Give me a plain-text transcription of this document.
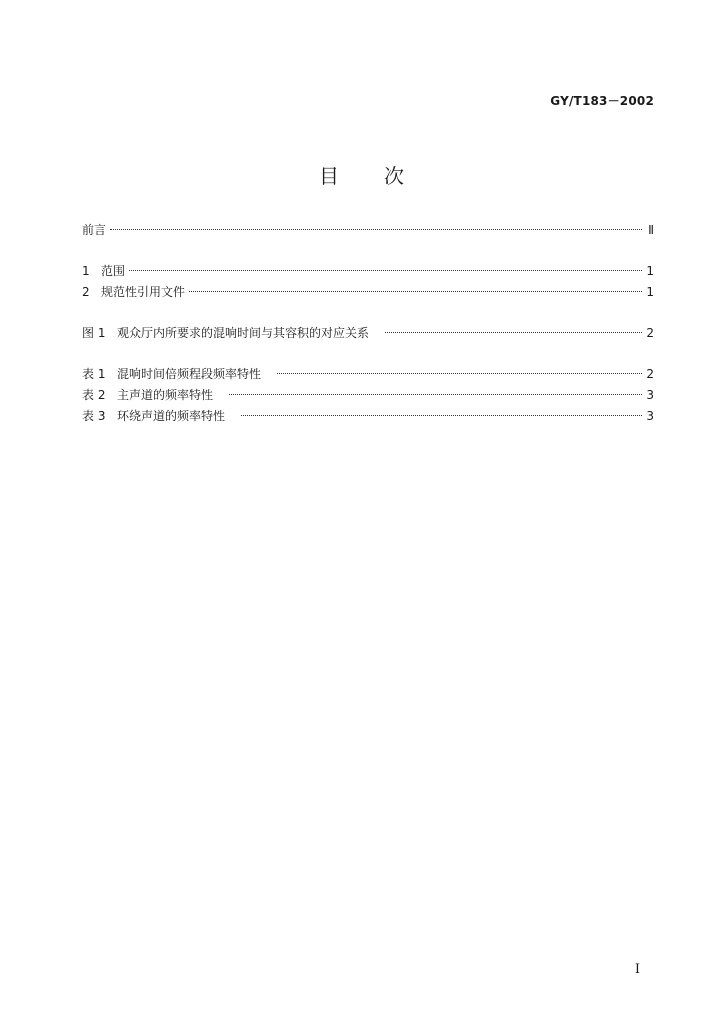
GY/T183－2002
目 次
前言	Ⅱ
1 范围	1
2 规范性引用文件	1
图 1 观众厅内所要求的混响时间与其容积的对应关系	2
表 1 混响时间倍频程段频率特性	2
表 2 主声道的频率特性	3
表 3 环绕声道的频率特性	3
I
